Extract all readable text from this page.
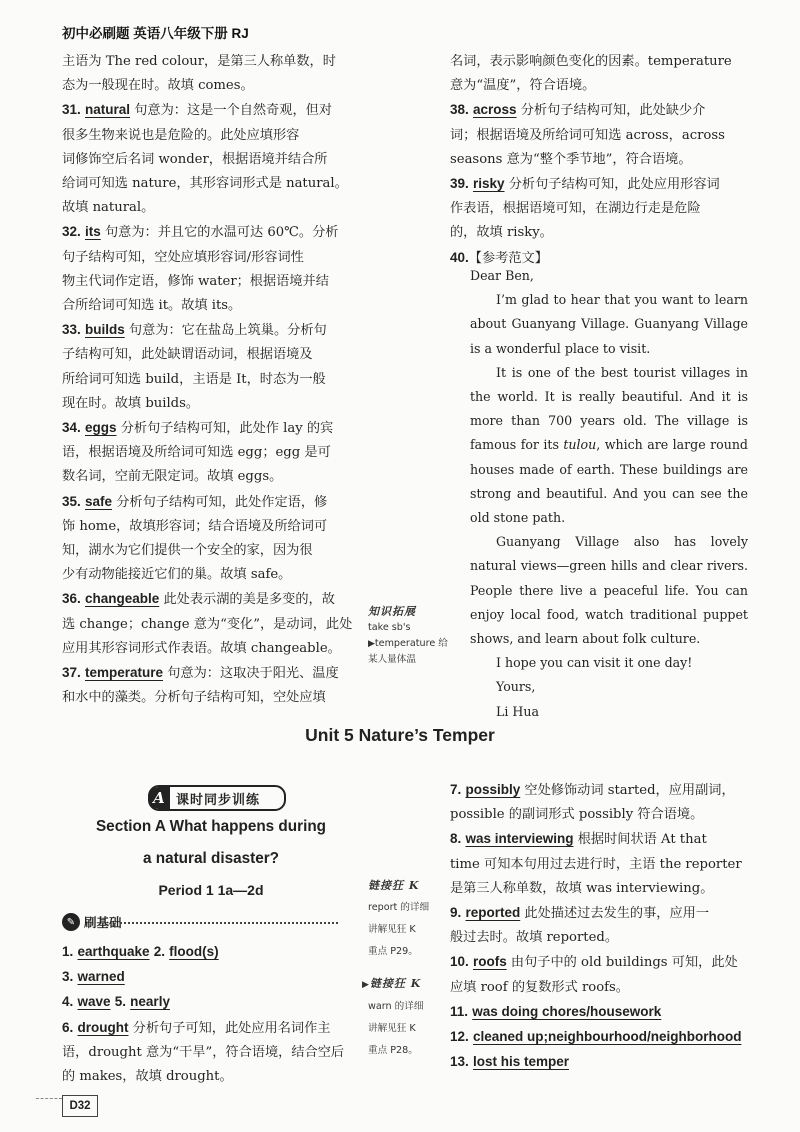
初中必刷题 英语八年级下册 RJ
主语为 The red colour，是第三人称单数，时
态为一般现在时。故填 comes。
31. natural 句意为：这是一个自然奇观，但对
很多生物来说也是危险的。此处应填形容
词修饰空后名词 wonder，根据语境并结合所
给词可知选 nature，其形容词形式是 natural。
故填 natural。
32. its 句意为：并且它的水温可达 60℃。分析
句子结构可知，空处应填形容词/形容词性
物主代词作定语，修饰 water；根据语境并结
合所给词可知选 it。故填 its。
33. builds 句意为：它在盐岛上筑巢。分析句
子结构可知，此处缺谓语动词，根据语境及
所给词可知选 build，主语是 It，时态为一般
现在时。故填 builds。
34. eggs 分析句子结构可知，此处作 lay 的宾
语，根据语境及所给词可知选 egg；egg 是可
数名词，空前无限定词。故填 eggs。
35. safe 分析句子结构可知，此处作定语，修
饰 home，故填形容词；结合语境及所给词可
知，湖水为它们提供一个安全的家，因为很
少有动物能接近它们的巢。故填 safe。
36. changeable 此处表示湖的美是多变的，故
选 change；change 意为“变化”，是动词，此处
应用其形容词形式作表语。故填 changeable。
37. temperature 句意为：这取决于阳光、温度
和水中的藻类。分析句子结构可知，空处应填
名词，表示影响颜色变化的因素。temperature
意为“温度”，符合语境。
38. across 分析句子结构可知，此处缺少介
词；根据语境及所给词可知选 across，across
seasons 意为“整个季节地”，符合语境。
39. risky 分析句子结构可知，此处应用形容词
作表语，根据语境可知，在湖边行走是危险
的，故填 risky。
40.【参考范文】

Dear Ben,

I’m glad to hear that you want to learn about Guanyang Village. Guanyang Village is a wonderful place to visit.

It is one of the best tourist villages in the world. It is really beautiful. And it is more than 700 years old. The village is famous for its tulou, which are large round houses made of earth. These buildings are strong and beautiful. And you can see the old stone path.

Guanyang Village also has lovely natural views—green hills and clear rivers. People there live a peaceful life. You can enjoy local food, watch traditional puppet shows, and learn about folk culture.

I hope you can visit it one day!

Yours,

Li Hua

知识拓展
take sb's
▶temperature 给
某人量体温
Unit 5 Nature’s Temper
A 课时同步训练
Section A What happens during
a natural disaster?
Period 1 1a—2d
✎ 刷基础
1. earthquake 2. flood(s)
3. warned
4. wave 5. nearly
6. drought 分析句子可知，此处应用名词作主
语，drought 意为“干旱”，符合语境，结合空后
的 makes，故填 drought。
链接狂 K
report 的详细
讲解见狂 K
重点 P29。
▶链接狂 K
warn 的详细
讲解见狂 K
重点 P28。
7. possibly 空处修饰动词 started，应用副词，
possible 的副词形式 possibly 符合语境。
8. was interviewing 根据时间状语 At that
time 可知本句用过去进行时，主语 the reporter
是第三人称单数，故填 was interviewing。
9. reported 此处描述过去发生的事，应用一
般过去时。故填 reported。
10. roofs 由句子中的 old buildings 可知，此处
应填 roof 的复数形式 roofs。
11. was doing chores/housework
12. cleaned up;neighbourhood/neighborhood
13. lost his temper
D32
